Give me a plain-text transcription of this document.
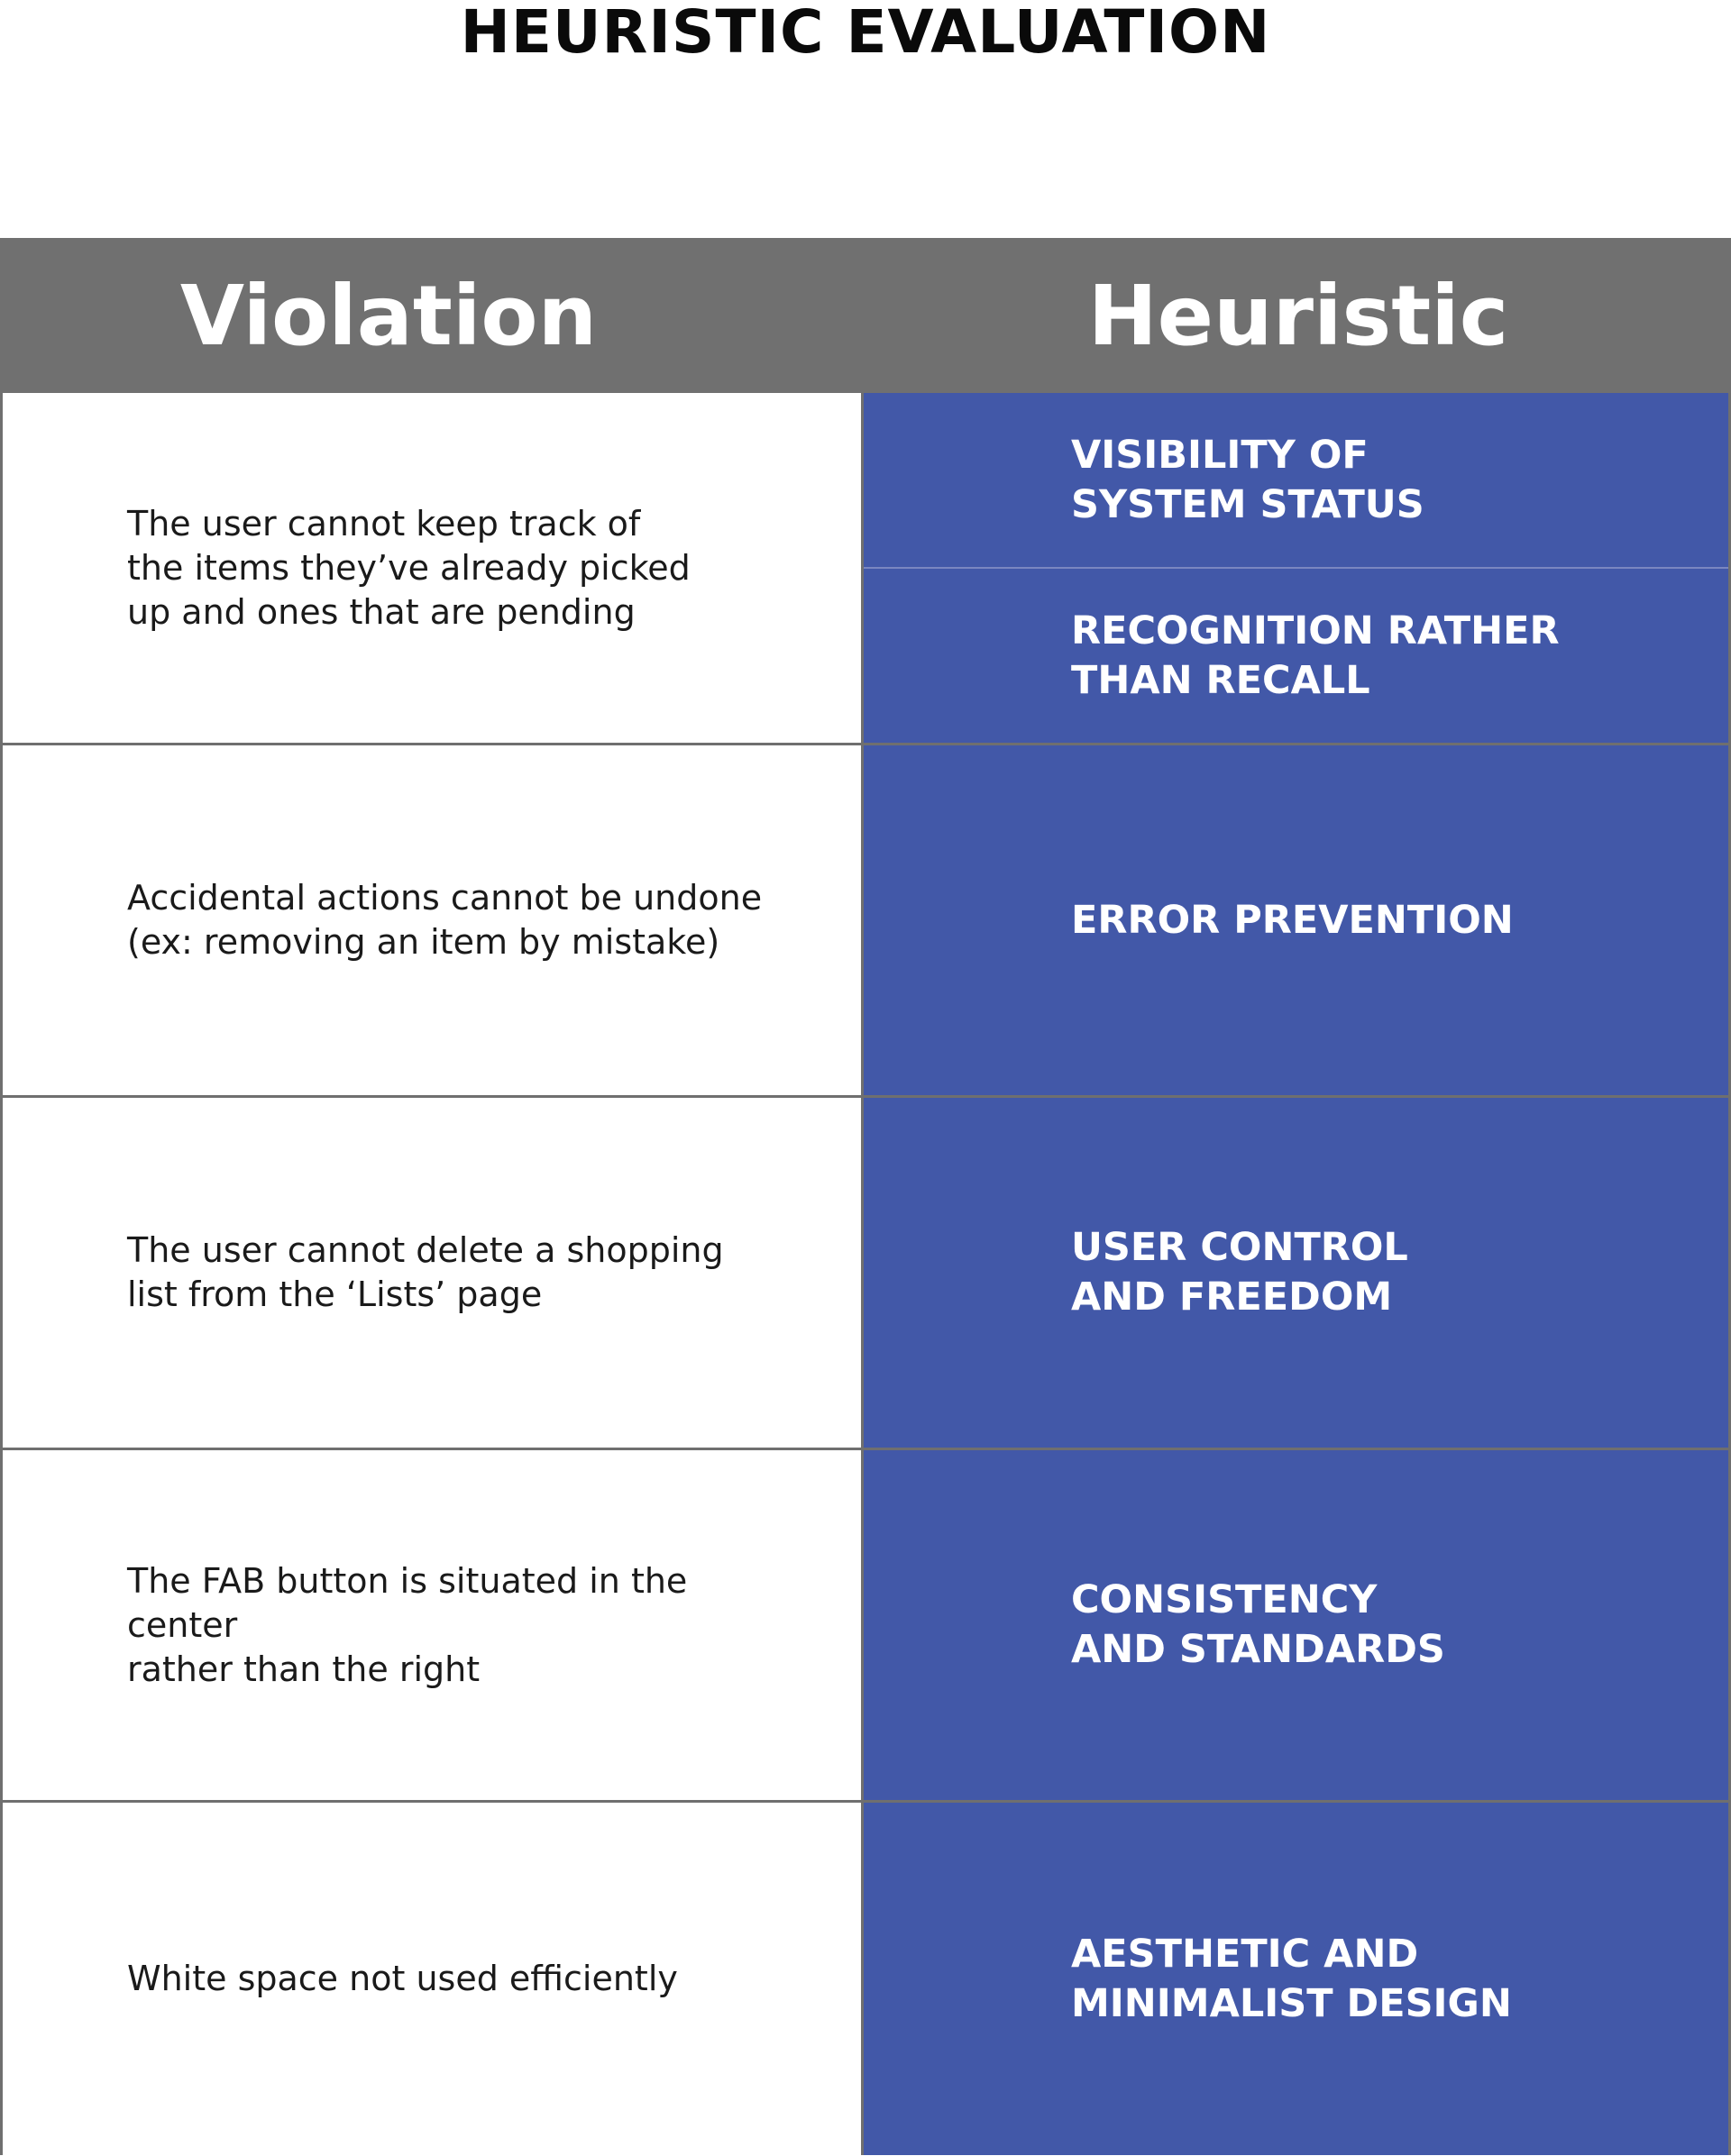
HEURISTIC EVALUATION
Violation	Heuristic
The user cannot keep track of
the items they’ve already picked
up and ones that are pending
VISIBILITY OF
SYSTEM STATUS
RECOGNITION RATHER
THAN RECALL
Accidental actions cannot be undone
(ex: removing an item by mistake)	ERROR PREVENTION
The user cannot delete a shopping
list from the ‘Lists’ page
USER CONTROL
AND FREEDOM
The FAB button is situated in the center
rather than the right
CONSISTENCY
AND STANDARDS
White space not used efficiently
AESTHETIC AND
MINIMALIST DESIGN
